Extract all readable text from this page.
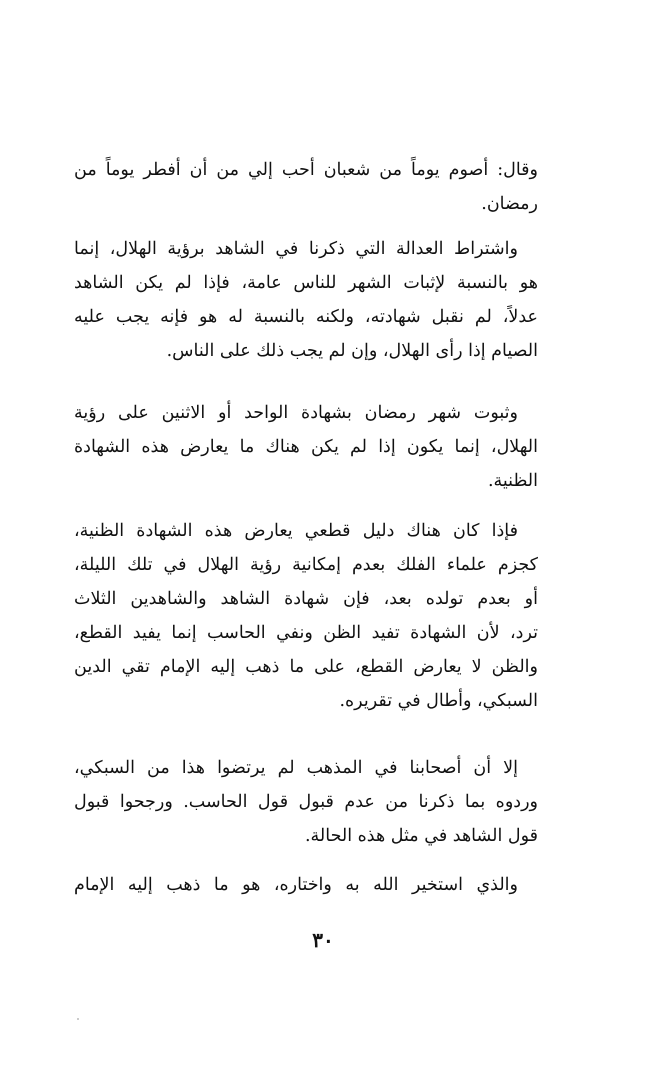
وقال: أصوم يوماً من شعبان أحب إلي من أن أفطر يوماً من
رمضان.
واشتراط العدالة التي ذكرنا في الشاهد برؤية الهلال، إنما
هو بالنسبة لإثبات الشهر للناس عامة، فإذا لم يكن الشاهد
عدلاً، لم نقبل شهادته، ولكنه بالنسبة له هو فإنه يجب عليه
الصيام إذا رأى الهلال، وإن لم يجب ذلك على الناس.
وثبوت شهر رمضان بشهادة الواحد أو الاثنين على رؤية
الهلال، إنما يكون إذا لم يكن هناك ما يعارض هذه الشهادة
الظنية.
فإذا كان هناك دليل قطعي يعارض هذه الشهادة الظنية،
كجزم علماء الفلك بعدم إمكانية رؤية الهلال في تلك الليلة،
أو بعدم تولده بعد، فإن شهادة الشاهد والشاهدين الثلاث
ترد، لأن الشهادة تفيد الظن ونفي الحاسب إنما يفيد القطع،
والظن لا يعارض القطع، على ما ذهب إليه الإمام تقي الدين
السبكي، وأطال في تقريره.
إلا أن أصحابنا في المذهب لم يرتضوا هذا من السبكي،
وردوه بما ذكرنا من عدم قبول قول الحاسب. ورجحوا قبول
قول الشاهد في مثل هذه الحالة.
والذي استخير الله به واختاره، هو ما ذهب إليه الإمام
٣٠
